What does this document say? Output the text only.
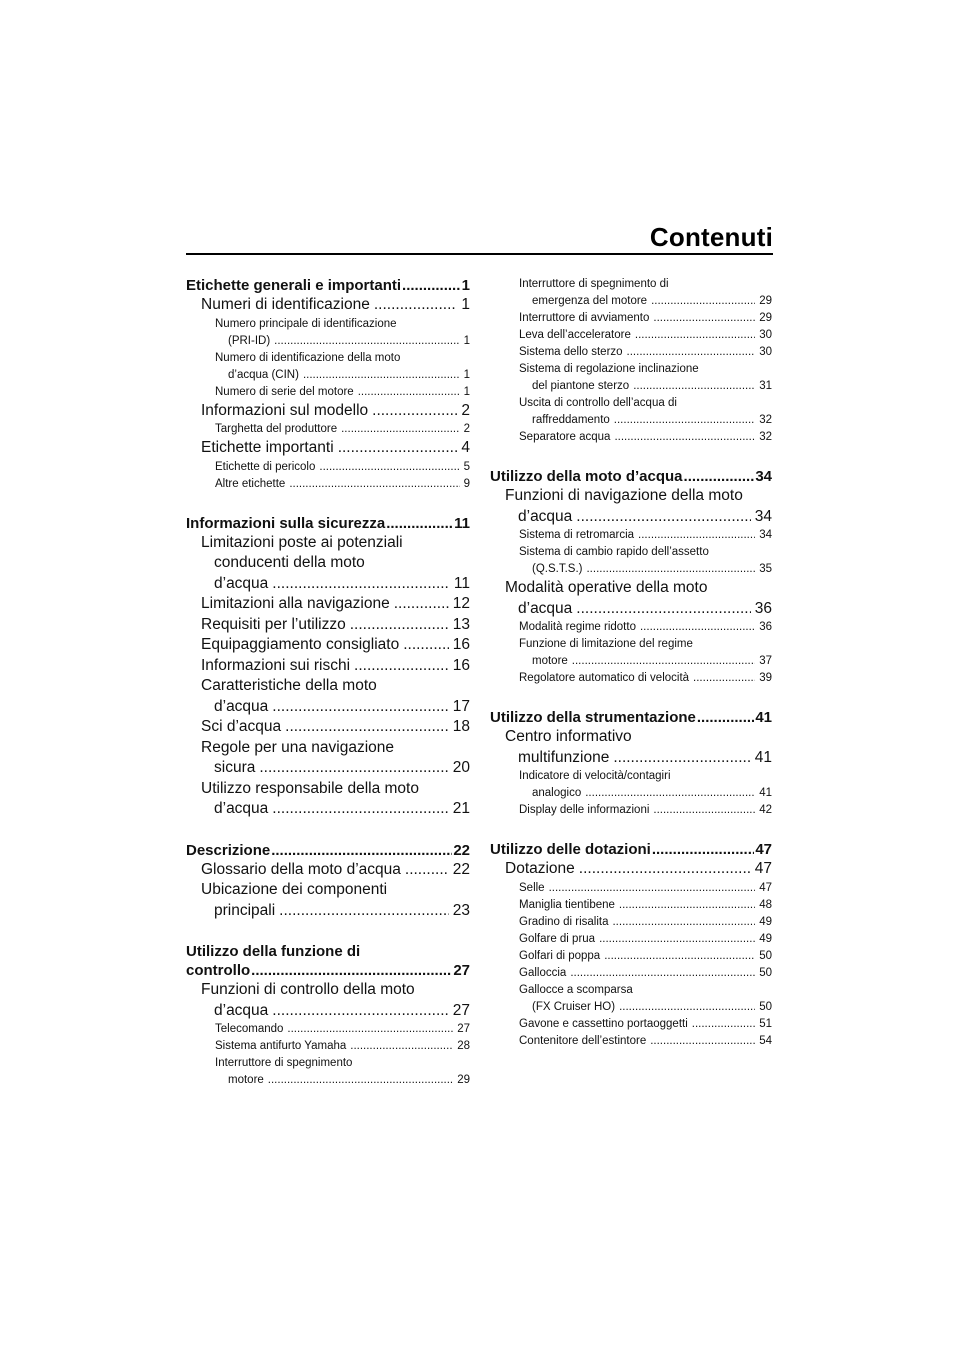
Contenuti
Etichette generali e importanti .....	1
Numeri di identificazione .....	1
Numero principale di identificazione
(PRI-ID) .....	1
Numero di identificazione della moto
d’acqua (CIN) .....	1
Numero di serie del motore .....	1
Informazioni sul modello .....	2
Targhetta del produttore .....	2
Etichette importanti .....	4
Etichette di pericolo .....	5
Altre etichette .....	9
Informazioni sulla sicurezza .....	11
Limitazioni poste ai potenziali
conducenti della moto
d’acqua .....	11
Limitazioni alla navigazione .....	12
Requisiti per l’utilizzo .....	13
Equipaggiamento consigliato .....	16
Informazioni sui rischi .....	16
Caratteristiche della moto
d’acqua .....	17
Sci d’acqua .....	18
Regole per una navigazione
sicura .....	20
Utilizzo responsabile della moto
d’acqua .....	21
Descrizione .....	22
Glossario della moto d’acqua .....	22
Ubicazione dei componenti
principali .....	23
Utilizzo della funzione di
controllo .....	27
Funzioni di controllo della moto
d’acqua .....	27
Telecomando .....	27
Sistema antifurto Yamaha .....	28
Interruttore di spegnimento
motore .....	29
Interruttore di spegnimento di
emergenza del motore .....	29
Interruttore di avviamento .....	29
Leva dell’acceleratore .....	30
Sistema dello sterzo .....	30
Sistema di regolazione inclinazione
del piantone sterzo .....	31
Uscita di controllo dell’acqua di
raffreddamento .....	32
Separatore acqua .....	32
Utilizzo della moto d’acqua .....	34
Funzioni di navigazione della moto
d’acqua .....	34
Sistema di retromarcia .....	34
Sistema di cambio rapido dell’assetto
(Q.S.T.S.) .....	35
Modalità operative della moto
d’acqua .....	36
Modalità regime ridotto .....	36
Funzione di limitazione del regime
motore .....	37
Regolatore automatico di velocità .....	39
Utilizzo della strumentazione .....	41
Centro informativo
multifunzione .....	41
Indicatore di velocità/contagiri
analogico .....	41
Display delle informazioni .....	42
Utilizzo delle dotazioni .....	47
Dotazione .....	47
Selle .....	47
Maniglia tientibene .....	48
Gradino di risalita .....	49
Golfare di prua .....	49
Golfari di poppa .....	50
Galloccia .....	50
Gallocce a scomparsa
(FX Cruiser HO) .....	50
Gavone e cassettino portaoggetti .....	51
Contenitore dell’estintore .....	54
